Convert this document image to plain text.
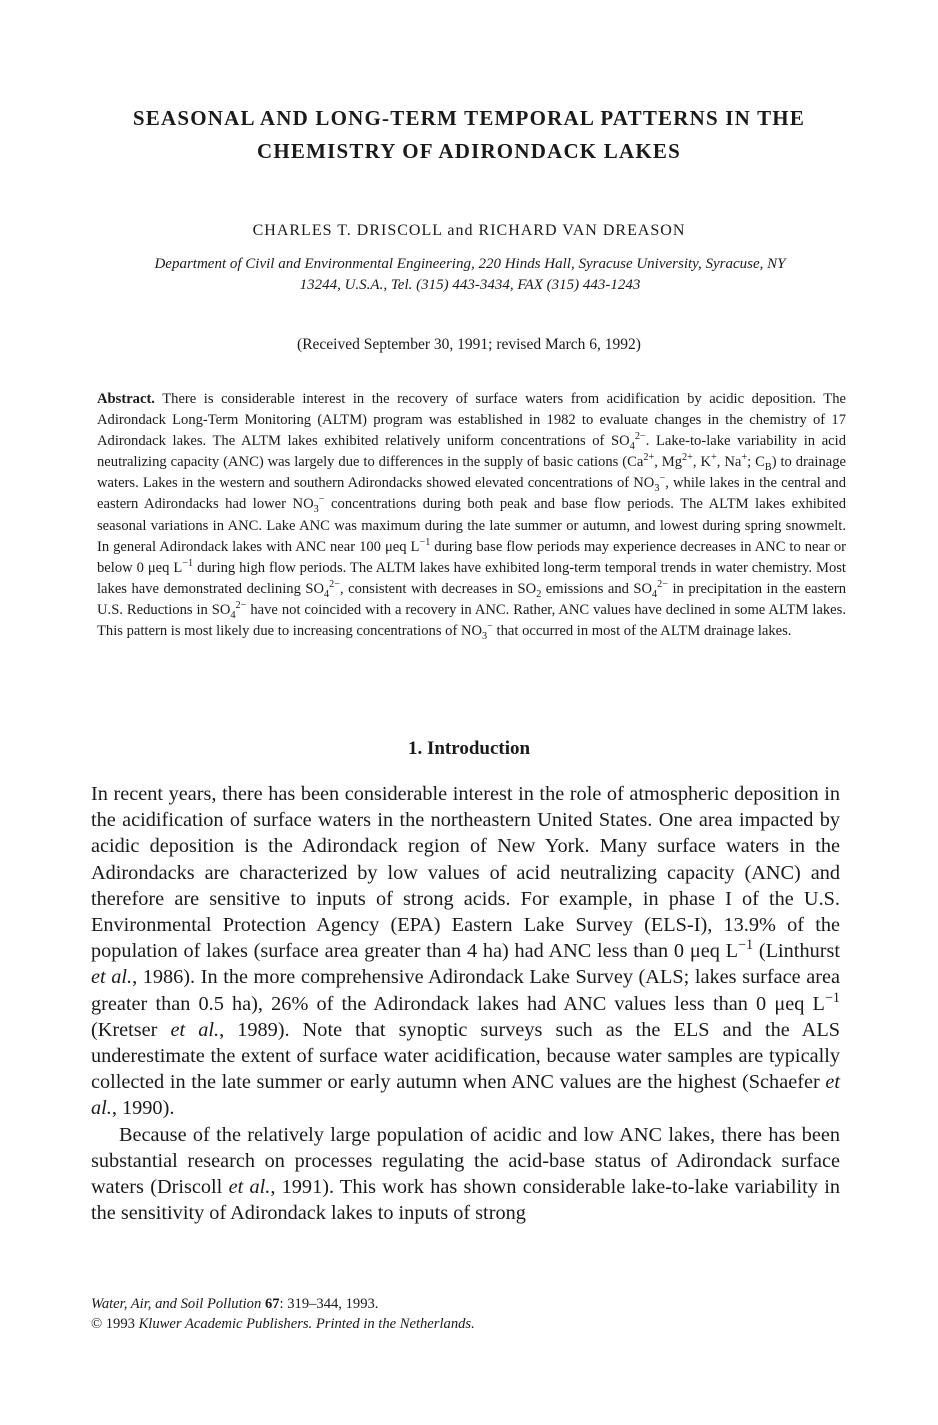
SEASONAL AND LONG-TERM TEMPORAL PATTERNS IN THE
CHEMISTRY OF ADIRONDACK LAKES

CHARLES T. DRISCOLL and RICHARD VAN DREASON

Department of Civil and Environmental Engineering, 220 Hinds Hall, Syracuse University, Syracuse, NY
13244, U.S.A., Tel. (315) 443-3434, FAX (315) 443-1243

(Received September 30, 1991; revised March 6, 1992)

Abstract. There is considerable interest in the recovery of surface waters from acidification by acidic deposition. The Adirondack Long-Term Monitoring (ALTM) program was established in 1982 to evaluate changes in the chemistry of 17 Adirondack lakes. The ALTM lakes exhibited relatively uniform concentrations of $SO_4^{2-}$. Lake-to-lake variability in acid neutralizing capacity (ANC) was largely due to differences in the supply of basic cations ($Ca^{2+}$, $Mg^{2+}$, K+, Na+; $C_B$) to drainage waters. Lakes in the western and southern Adirondacks showed elevated concentrations of $NO_3^-$, while lakes in the central and eastern Adirondacks had lower $NO_3^-$ concentrations during both peak and base flow periods. The ALTM lakes exhibited seasonal variations in ANC. Lake ANC was maximum during the late summer or autumn, and lowest during spring snowmelt. In general Adirondack lakes with ANC near 100 μeq $L^{-1}$ during base flow periods may experience decreases in ANC to near or below 0 μeq $L^{-1}$ during high flow periods. The ALTM lakes have exhibited long-term temporal trends in water chemistry. Most lakes have demonstrated declining $SO_4^{2-}$, consistent with decreases in $SO_2$ emissions and $SO_4^{2-}$ in precipitation in the eastern U.S. Reductions in $SO_4^{2-}$ have not coincided with a recovery in ANC. Rather, ANC values have declined in some ALTM lakes. This pattern is most likely due to increasing concentrations of $NO_3^-$ that occurred in most of the ALTM drainage lakes.

1. Introduction

In recent years, there has been considerable interest in the role of atmospheric deposition in the acidification of surface waters in the northeastern United States. One area impacted by acidic deposition is the Adirondack region of New York. Many surface waters in the Adirondacks are characterized by low values of acid neutralizing capacity (ANC) and therefore are sensitive to inputs of strong acids. For example, in phase I of the U.S. Environmental Protection Agency (EPA) Eastern Lake Survey (ELS-I), 13.9% of the population of lakes (surface area greater than 4 ha) had ANC less than 0 μeq $L^{-1}$ (Linthurst et al., 1986). In the more comprehensive Adirondack Lake Survey (ALS; lakes surface area greater than 0.5 ha), 26% of the Adirondack lakes had ANC values less than 0 μeq $L^{-1}$ (Kretser et al., 1989). Note that synoptic surveys such as the ELS and the ALS underestimate the extent of surface water acidification, because water samples are typically collected in the late summer or early autumn when ANC values are the highest (Schaefer et al., 1990).

Because of the relatively large population of acidic and low ANC lakes, there has been substantial research on processes regulating the acid-base status of Adirondack surface waters (Driscoll et al., 1991). This work has shown considerable lake-to-lake variability in the sensitivity of Adirondack lakes to inputs of strong

Water, Air, and Soil Pollution 67: 319–344, 1993.
© 1993 Kluwer Academic Publishers. Printed in the Netherlands.
